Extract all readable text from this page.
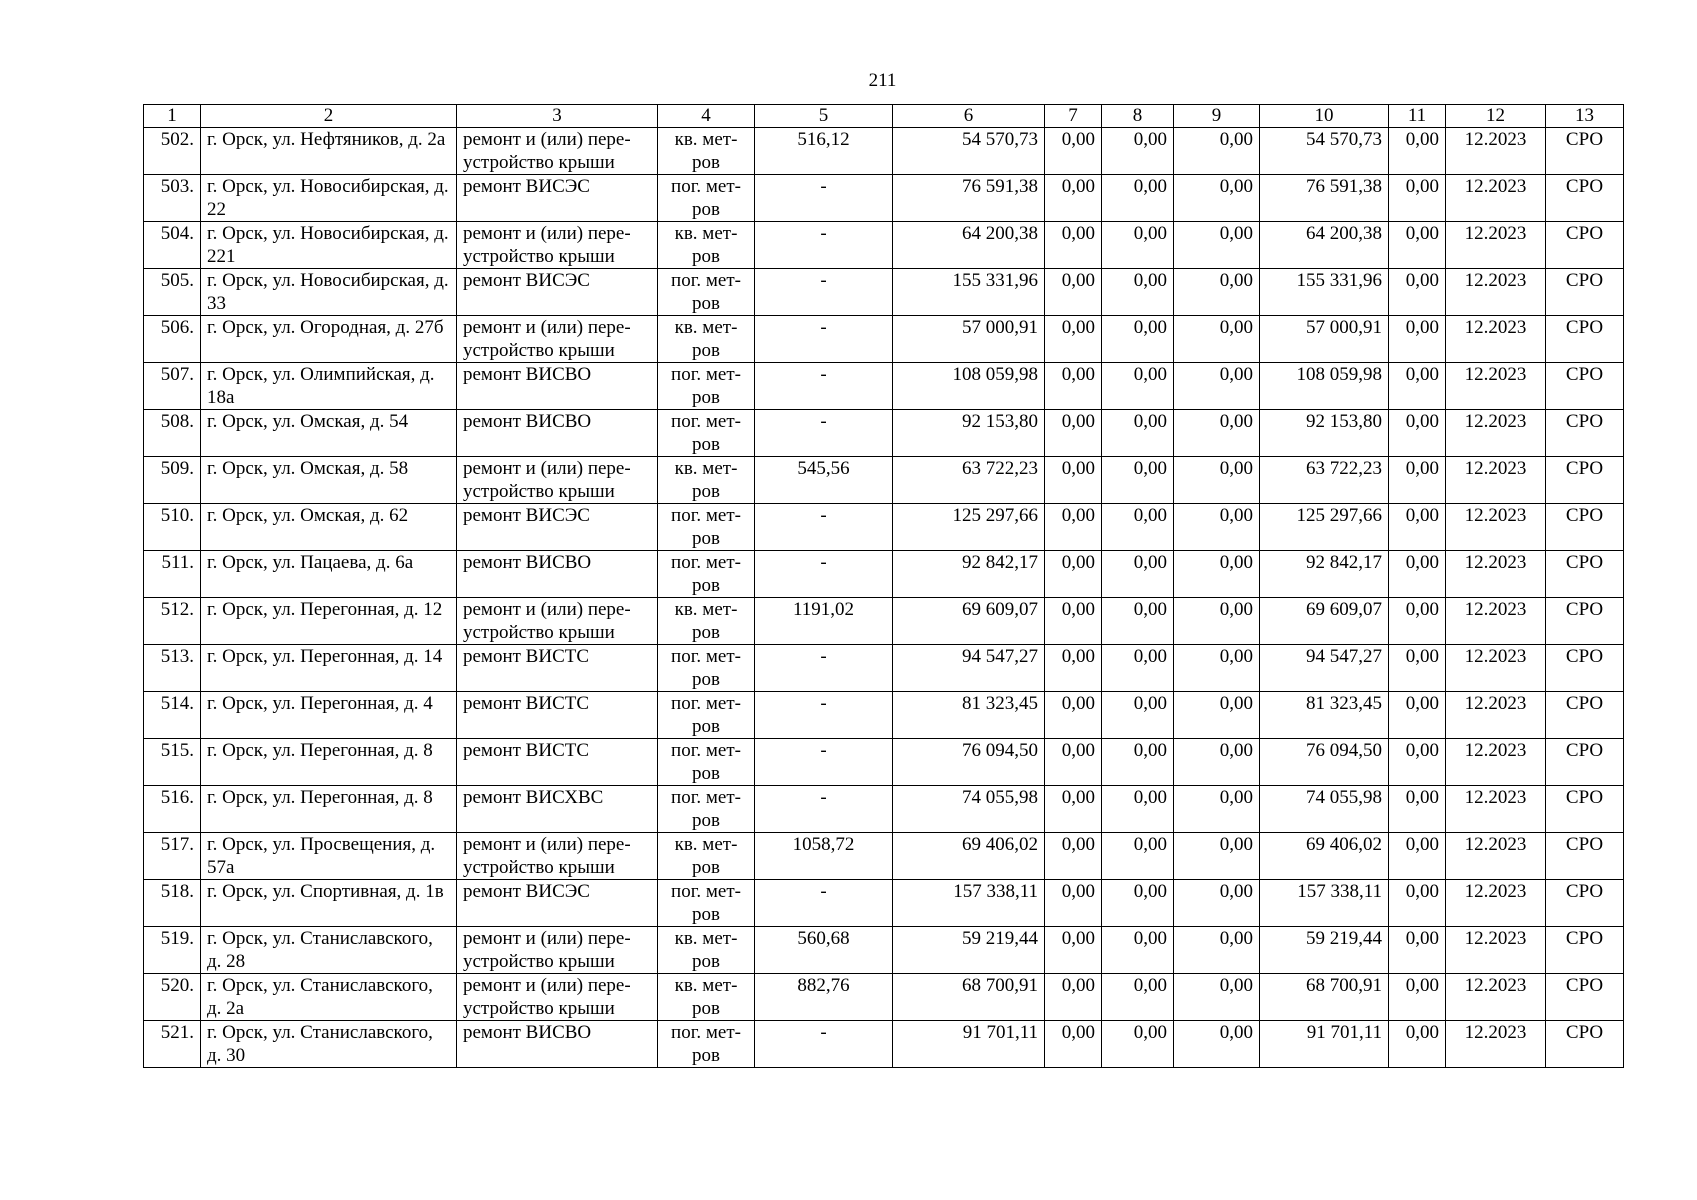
211
1	2	3	4	5	6	7	8	9	10	11	12	13
502.	г. Орск, ул. Нефтяников, д. 2а	ремонт и (или) переустройство крыши	кв. метров	516,12	54 570,73	0,00	0,00	0,00	54 570,73	0,00	12.2023	СРО
503.	г. Орск, ул. Новосибирская, д. 22	ремонт ВИСЭС	пог. метров	-	76 591,38	0,00	0,00	0,00	76 591,38	0,00	12.2023	СРО
504.	г. Орск, ул. Новосибирская, д. 221	ремонт и (или) переустройство крыши	кв. метров	-	64 200,38	0,00	0,00	0,00	64 200,38	0,00	12.2023	СРО
505.	г. Орск, ул. Новосибирская, д. 33	ремонт ВИСЭС	пог. метров	-	155 331,96	0,00	0,00	0,00	155 331,96	0,00	12.2023	СРО
506.	г. Орск, ул. Огородная, д. 27б	ремонт и (или) переустройство крыши	кв. метров	-	57 000,91	0,00	0,00	0,00	57 000,91	0,00	12.2023	СРО
507.	г. Орск, ул. Олимпийская, д. 18а	ремонт ВИСВО	пог. метров	-	108 059,98	0,00	0,00	0,00	108 059,98	0,00	12.2023	СРО
508.	г. Орск, ул. Омская, д. 54	ремонт ВИСВО	пог. метров	-	92 153,80	0,00	0,00	0,00	92 153,80	0,00	12.2023	СРО
509.	г. Орск, ул. Омская, д. 58	ремонт и (или) переустройство крыши	кв. метров	545,56	63 722,23	0,00	0,00	0,00	63 722,23	0,00	12.2023	СРО
510.	г. Орск, ул. Омская, д. 62	ремонт ВИСЭС	пог. метров	-	125 297,66	0,00	0,00	0,00	125 297,66	0,00	12.2023	СРО
511.	г. Орск, ул. Пацаева, д. 6а	ремонт ВИСВО	пог. метров	-	92 842,17	0,00	0,00	0,00	92 842,17	0,00	12.2023	СРО
512.	г. Орск, ул. Перегонная, д. 12	ремонт и (или) переустройство крыши	кв. метров	1191,02	69 609,07	0,00	0,00	0,00	69 609,07	0,00	12.2023	СРО
513.	г. Орск, ул. Перегонная, д. 14	ремонт ВИСТС	пог. метров	-	94 547,27	0,00	0,00	0,00	94 547,27	0,00	12.2023	СРО
514.	г. Орск, ул. Перегонная, д. 4	ремонт ВИСТС	пог. метров	-	81 323,45	0,00	0,00	0,00	81 323,45	0,00	12.2023	СРО
515.	г. Орск, ул. Перегонная, д. 8	ремонт ВИСТС	пог. метров	-	76 094,50	0,00	0,00	0,00	76 094,50	0,00	12.2023	СРО
516.	г. Орск, ул. Перегонная, д. 8	ремонт ВИСХВС	пог. метров	-	74 055,98	0,00	0,00	0,00	74 055,98	0,00	12.2023	СРО
517.	г. Орск, ул. Просвещения, д. 57а	ремонт и (или) переустройство крыши	кв. метров	1058,72	69 406,02	0,00	0,00	0,00	69 406,02	0,00	12.2023	СРО
518.	г. Орск, ул. Спортивная, д. 1в	ремонт ВИСЭС	пог. метров	-	157 338,11	0,00	0,00	0,00	157 338,11	0,00	12.2023	СРО
519.	г. Орск, ул. Станиславского, д. 28	ремонт и (или) переустройство крыши	кв. метров	560,68	59 219,44	0,00	0,00	0,00	59 219,44	0,00	12.2023	СРО
520.	г. Орск, ул. Станиславского, д. 2а	ремонт и (или) переустройство крыши	кв. метров	882,76	68 700,91	0,00	0,00	0,00	68 700,91	0,00	12.2023	СРО
521.	г. Орск, ул. Станиславского, д. 30	ремонт ВИСВО	пог. метров	-	91 701,11	0,00	0,00	0,00	91 701,11	0,00	12.2023	СРО
